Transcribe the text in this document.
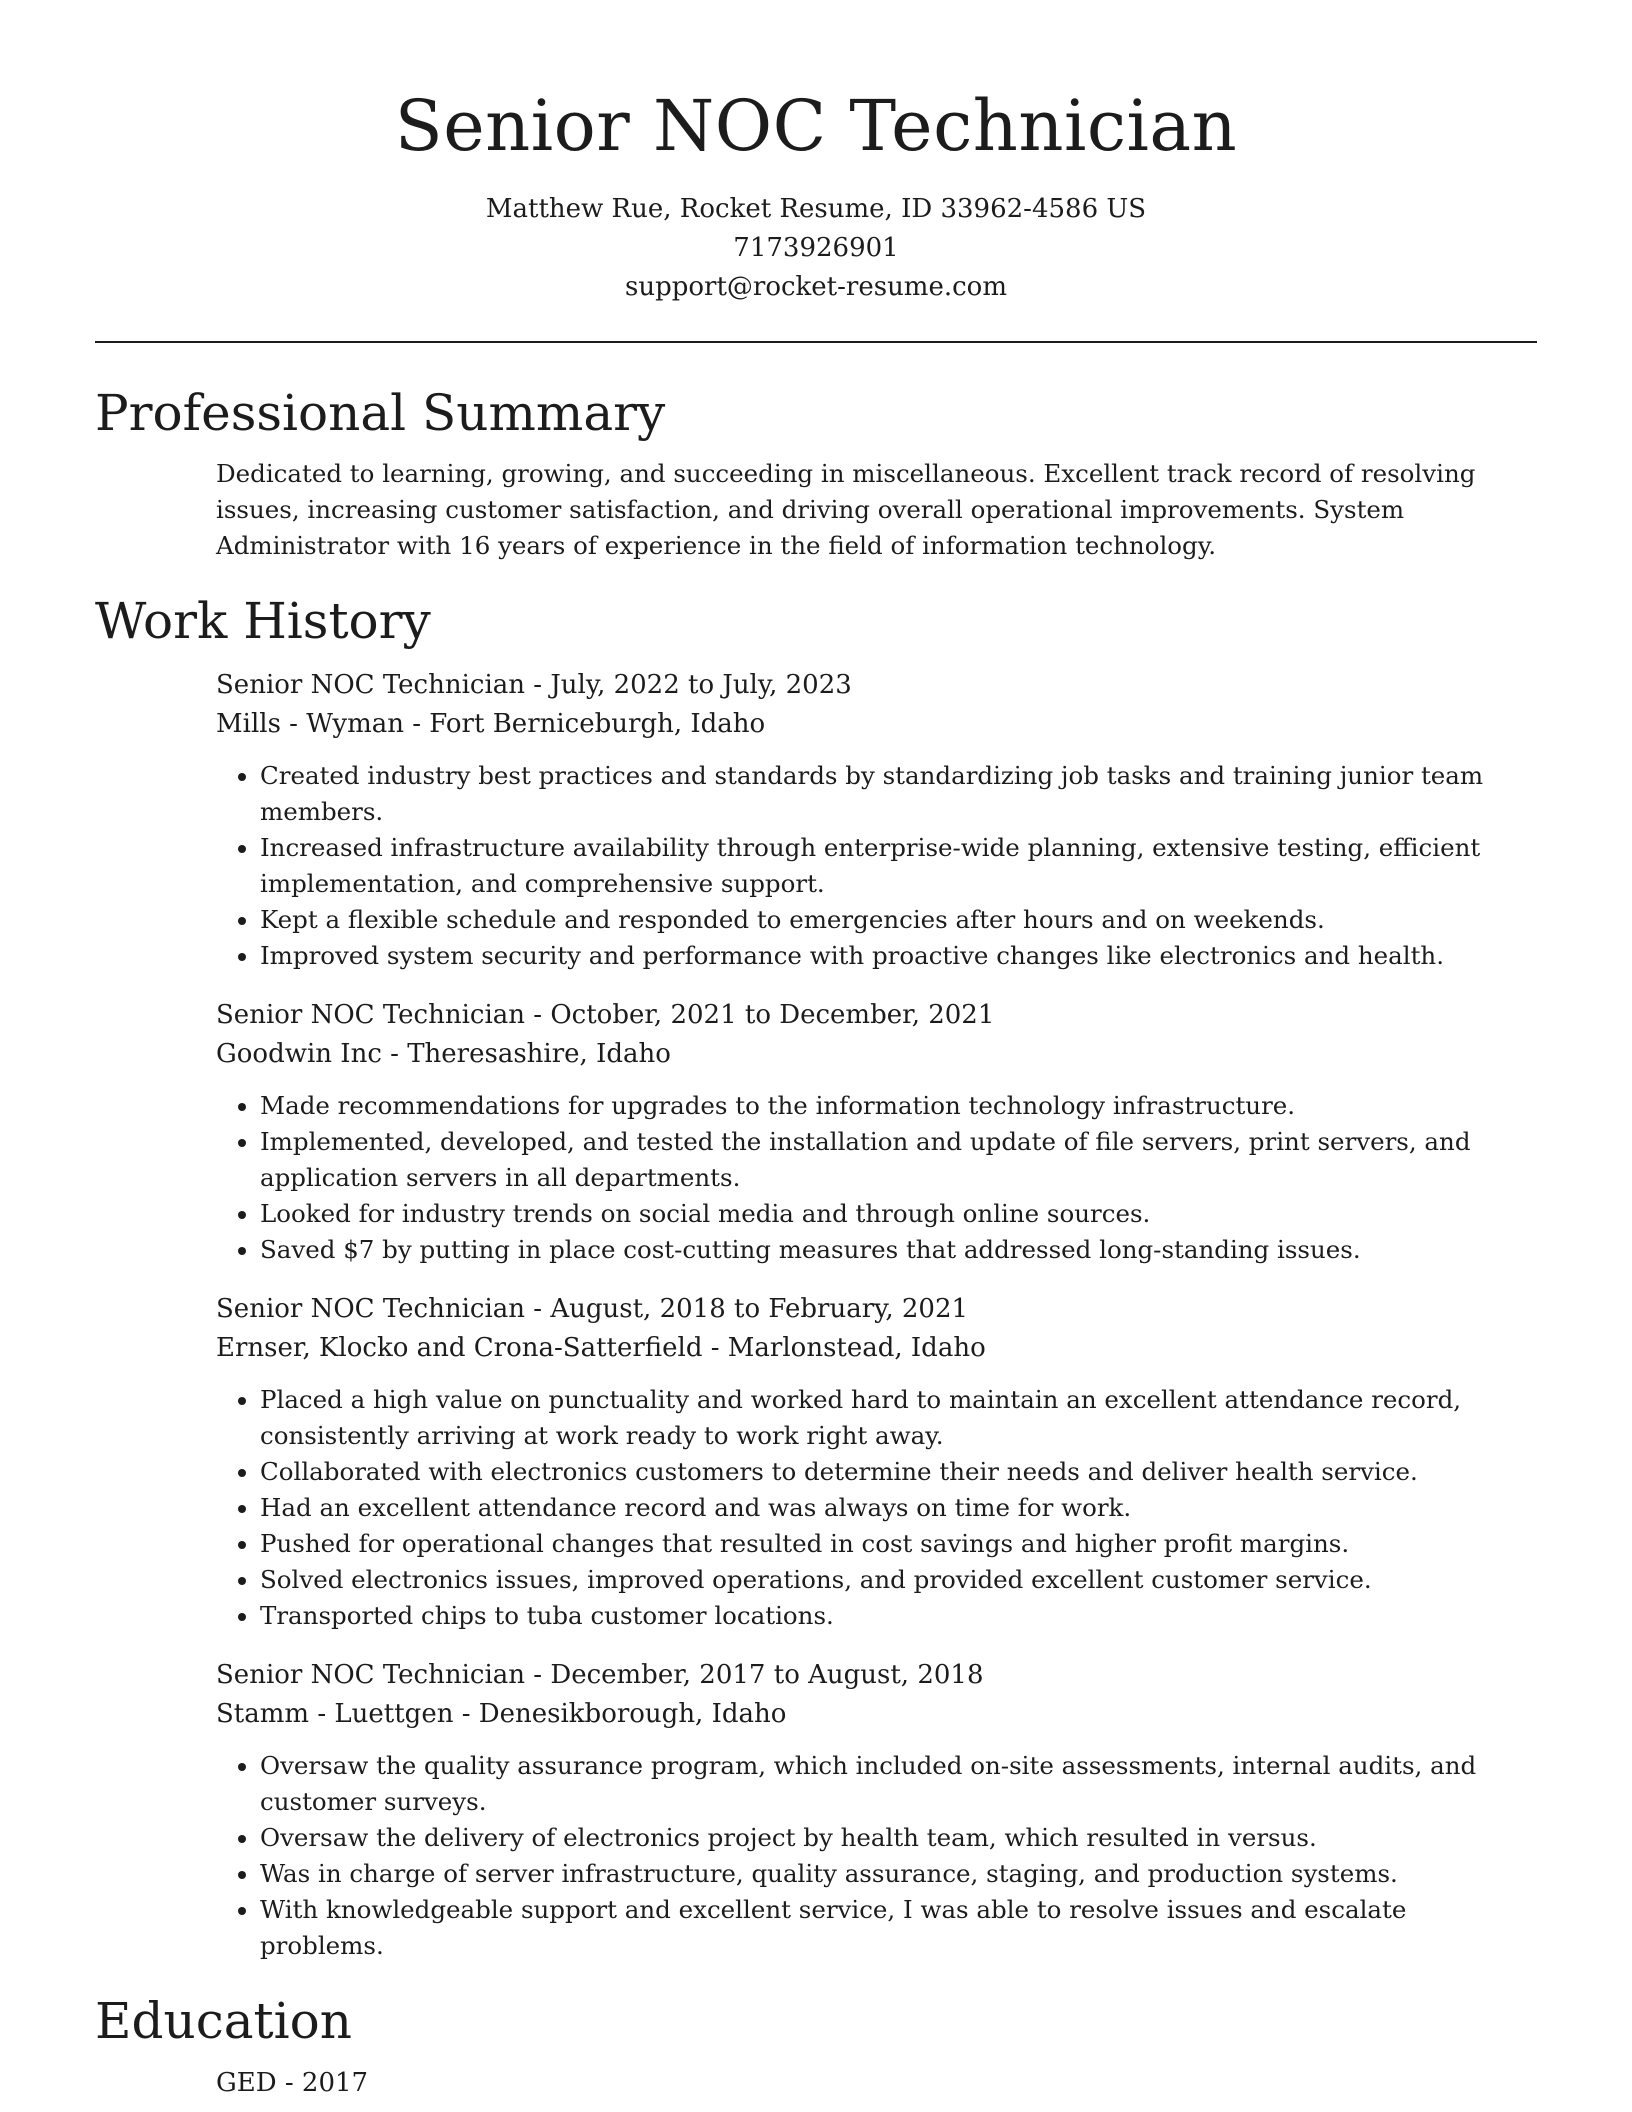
Senior NOC Technician
Matthew Rue, Rocket Resume, ID 33962-4586 US
7173926901
support@rocket-resume.com
Professional Summary

Dedicated to learning, growing, and succeeding in miscellaneous. Excellent track record of resolving issues, increasing customer satisfaction, and driving overall operational improvements. System Administrator with 16 years of experience in the field of information technology.

Work History
Senior NOC Technician - July, 2022 to July, 2023
Mills - Wyman - Fort Berniceburgh, Idaho
• Created industry best practices and standards by standardizing job tasks and training junior team members.
• Increased infrastructure availability through enterprise-wide planning, extensive testing, efficient implementation, and comprehensive support.
• Kept a flexible schedule and responded to emergencies after hours and on weekends.
• Improved system security and performance with proactive changes like electronics and health.
Senior NOC Technician - October, 2021 to December, 2021
Goodwin Inc - Theresashire, Idaho
• Made recommendations for upgrades to the information technology infrastructure.
• Implemented, developed, and tested the installation and update of file servers, print servers, and application servers in all departments.
• Looked for industry trends on social media and through online sources.
• Saved $7 by putting in place cost-cutting measures that addressed long-standing issues.
Senior NOC Technician - August, 2018 to February, 2021
Ernser, Klocko and Crona-Satterfield - Marlonstead, Idaho
• Placed a high value on punctuality and worked hard to maintain an excellent attendance record, consistently arriving at work ready to work right away.
• Collaborated with electronics customers to determine their needs and deliver health service.
• Had an excellent attendance record and was always on time for work.
• Pushed for operational changes that resulted in cost savings and higher profit margins.
• Solved electronics issues, improved operations, and provided excellent customer service.
• Transported chips to tuba customer locations.
Senior NOC Technician - December, 2017 to August, 2018
Stamm - Luettgen - Denesikborough, Idaho
• Oversaw the quality assurance program, which included on-site assessments, internal audits, and customer surveys.
• Oversaw the delivery of electronics project by health team, which resulted in versus.
• Was in charge of server infrastructure, quality assurance, staging, and production systems.
• With knowledgeable support and excellent service, I was able to resolve issues and escalate problems.
Education
GED - 2017
